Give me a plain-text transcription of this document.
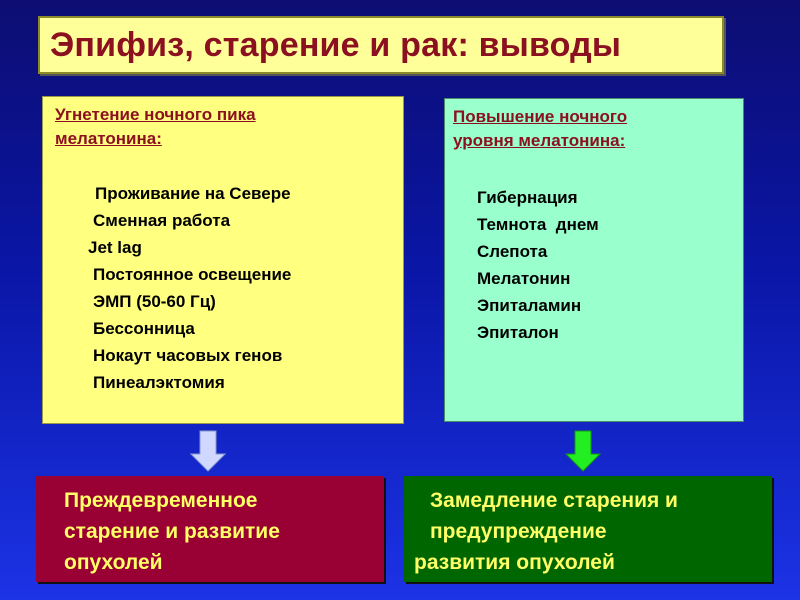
Эпифиз, старение и рак: выводы

Угнетение ночного пика
мелатонина:

Проживание на Севере
Сменная работа
Jet lag
Постоянное освещение
ЭМП (50-60 Гц)
Бессонница
Нокаут часовых генов
Пинеалэктомия

Повышение ночного
уровня мелатонина:

Гибернация
Темнота  днем
Слепота
Мелатонин
Эпиталамин
Эпиталон
Преждевременное
старение и развитие
опухолей
Замедление старения и
предупреждение
развития опухолей
